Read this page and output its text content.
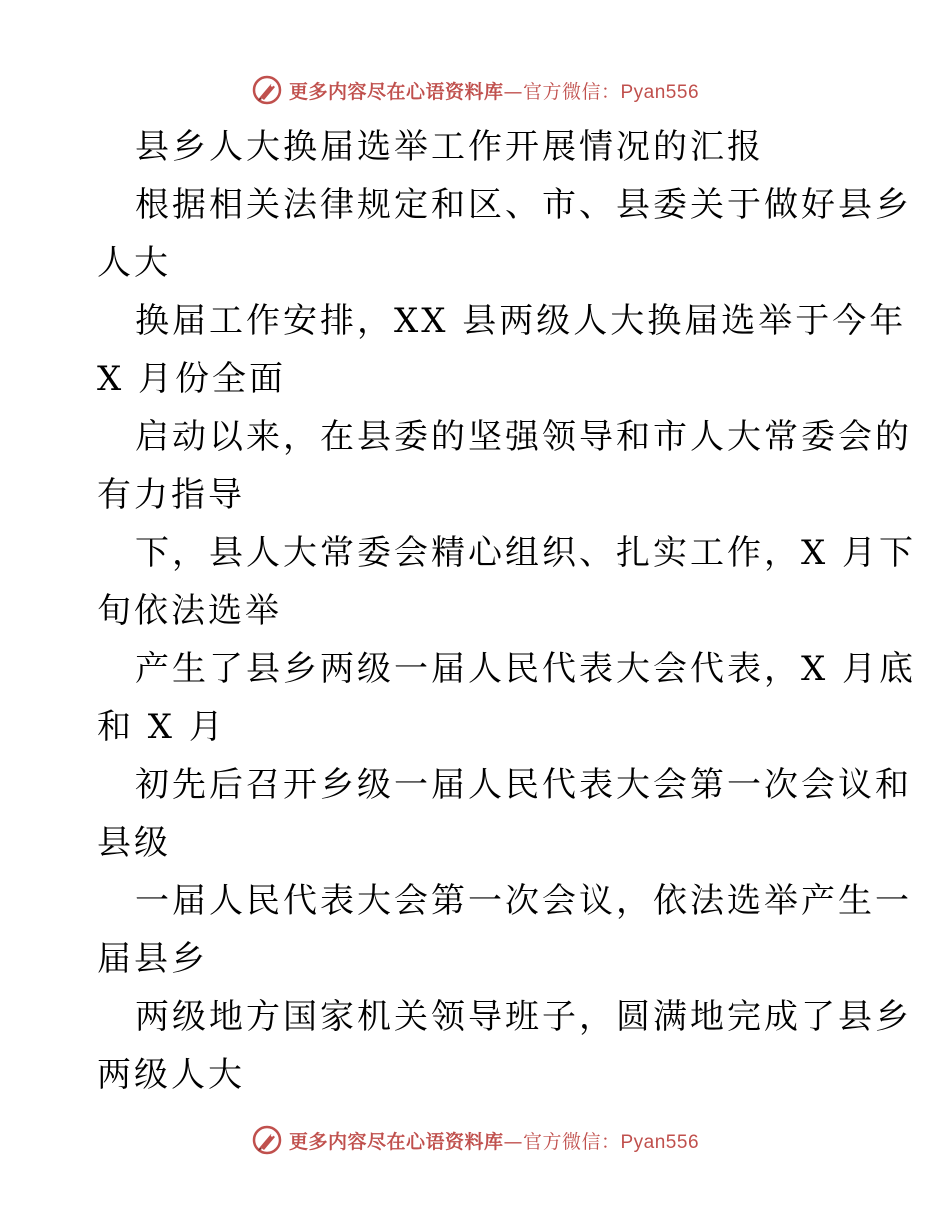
更多内容尽在心语资料库—官方微信：Pyan556
县乡人大换届选举工作开展情况的汇报
根据相关法律规定和区、市、县委关于做好县乡
人大
换届工作安排，XX 县两级人大换届选举于今年
X 月份全面
启动以来，在县委的坚强领导和市人大常委会的
有力指导
下，县人大常委会精心组织、扎实工作，X 月下
旬依法选举
产生了县乡两级一届人民代表大会代表，X 月底
和 X 月
初先后召开乡级一届人民代表大会第一次会议和
县级
一届人民代表大会第一次会议，依法选举产生一
届县乡
两级地方国家机关领导班子，圆满地完成了县乡
两级人大
更多内容尽在心语资料库—官方微信：Pyan556
